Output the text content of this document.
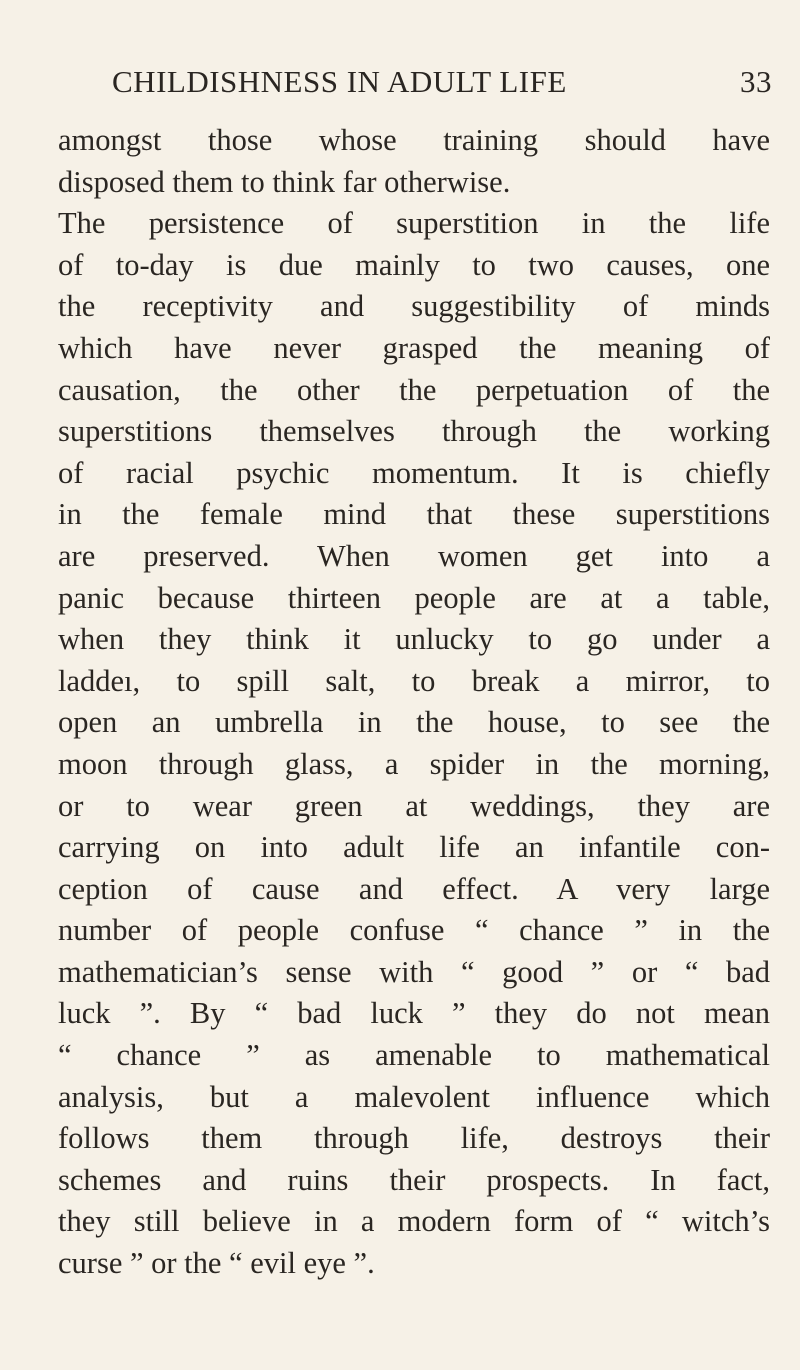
CHILDISHNESS IN ADULT LIFE	33
amongst those whose training should have
disposed them to think far otherwise.
The persistence of superstition in the life
of to-day is due mainly to two causes, one
the receptivity and suggestibility of minds
which have never grasped the meaning of
causation, the other the perpetuation of the
superstitions themselves through the working
of racial psychic momentum. It is chiefly
in the female mind that these superstitions
are preserved. When women get into a
panic because thirteen people are at a table,
when they think it unlucky to go under a
laddeı, to spill salt, to break a mirror, to
open an umbrella in the house, to see the
moon through glass, a spider in the morning,
or to wear green at weddings, they are
carrying on into adult life an infantile con-
ception of cause and effect. A very large
number of people confuse “ chance ” in the
mathematician’s sense with “ good ” or “ bad
luck ”. By “ bad luck ” they do not mean
“ chance ” as amenable to mathematical
analysis, but a malevolent influence which
follows them through life, destroys their
schemes and ruins their prospects. In fact,
they still believe in a modern form of “ witch’s
curse ” or the “ evil eye ”.
